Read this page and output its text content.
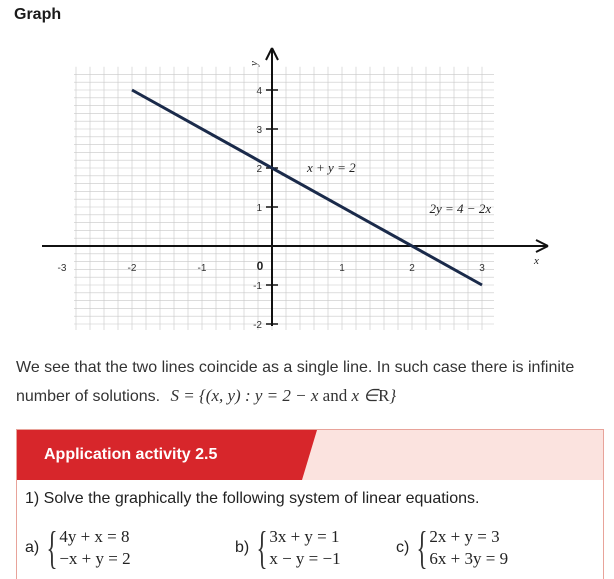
Graph
-3	-2	-1	1	2	3
4
3
2
1
-1
-2
0	x
y
x + y = 2
2y = 4 − 2x
We see that the two lines coincide as a single line. In such case there is infinite number of solutions. S = {(x, y) : y = 2 − x and x ∈R}
Application activity 2.5
1) Solve the graphically the following system of linear equations.
a) { 4y + x = 8
−x + y = 2
b) { 3x + y = 1
x − y = −1
c) { 2x + y = 3
6x + 3y = 9
